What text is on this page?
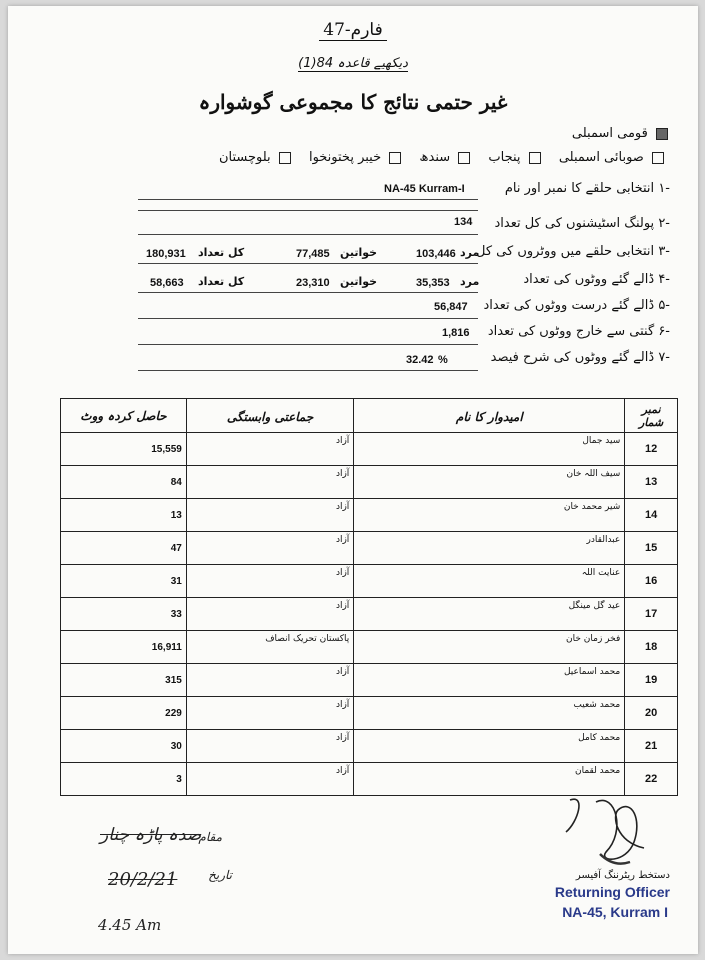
فارم-47
دیکھیے قاعدہ 84(1)
غیر حتمی نتائج کا مجموعی گوشوارہ
قومی اسمبلی
صوبائی اسمبلی  پنجاب  سندھ  خیبر پختونخوا  بلوچستان
-۱ انتخابی حلقے کا نمبر اور نام
NA-45 Kurram-I
-۲ پولنگ اسٹیشنوں کی کل تعداد
134
-۳ انتخابی حلقے میں ووٹروں کی کل
103,446 مرد
77,485 خواتین
180,931 کل تعداد
-۴ ڈالے گئے ووٹوں کی تعداد
35,353 مرد
23,310 خواتین
58,663 کل تعداد
-۵ ڈالے گئے درست ووٹوں کی تعداد
56,847
-۶ گنتی سے خارج ووٹوں کی تعداد
1,816
-۷ ڈالے گئے ووٹوں کی شرح فیصد
32.42 %
حاصل کردہ ووٹ	جماعتی وابستگی	امیدوار کا نام	نمبر شمار
15,559	آزاد	سید جمال	12
84	آزاد	سیف اللہ خان	13
13	آزاد	شیر محمد خان	14
47	آزاد	عبدالقادر	15
31	آزاد	عنایت اللہ	16
33	آزاد	عید گل مینگل	17
16,911	پاکستان تحریک انصاف	فخر زمان خان	18
315	آزاد	محمد اسماعیل	19
229	آزاد	محمد شعیب	20
30	آزاد	محمد کامل	21
3	آزاد	محمد لقمان	22
مقام
صدہ پاڑہ چنار
تاریخ
20/2/21
4.45 Am
دستخط ریٹرننگ آفیسر
Returning Officer
NA-45, Kurram I
